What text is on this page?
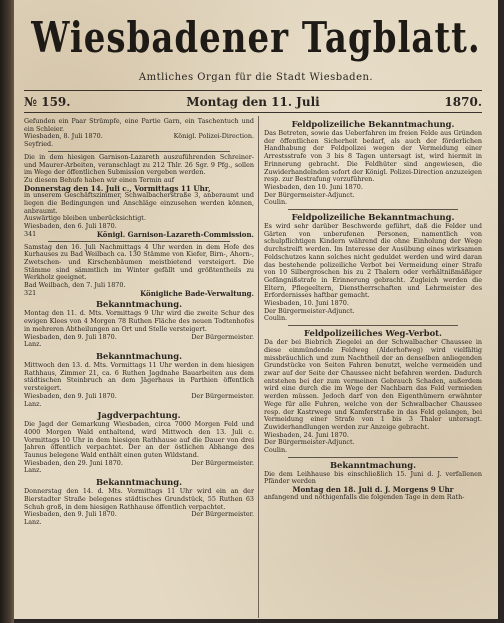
Wiesbadener Tagblatt.
Amtliches Organ für die Stadt Wiesbaden.
№ 159.	Montag den 11. Juli	1870.

Gefunden ein Paar Strümpfe, eine Partie Garn, ein Taschentuch und ein Schleier.

Wiesbaden, 8. Juli 1870.	Königl. Polizei-Direction.

Seyfried.

Die in dem hiesigen Garnison-Lazareth auszuführenden Schreiner- und Maurer-Arbeiten, veranschlagt zu 212 Thlr. 26 Sgr. 9 Pfg., sollen im Wege der öffentlichen Submission vergeben werden.

Zu diesem Behufe haben wir einen Termin auf

Donnerstag den 14. Juli c., Vormittags 11 Uhr,

in unserem Geschäftszimmer, Schwalbacherstraße 3, anberaumt und liegen die Bedingungen und Anschläge einzusehen werden können, anbraumt.

Auswärtige bleiben unberücksichtigt.

Wiesbaden, den 6. Juli 1870.

341	Königl. Garnison-Lazareth-Commission.

Samstag den 16. Juli Nachmittags 4 Uhr werden in dem Hofe des Kurhauses zu Bad Weilbach ca. 130 Stämme von Kiefer, Birn-, Ahorn-, Zwetschen- und Kirschenbäumen meistbietend versteigert. Die Stämme sind sämmtlich im Winter gefällt und größtentheils zu Werkholz geeignet.

Bad Weilbach, den 7. Juli 1870.

321	Königliche Bade-Verwaltung.
Bekanntmachung.

Montag den 11. d. Mts. Vormittags 9 Uhr wird die zweite Schur des ewigen Klees von 4 Morgen 78 Ruthen Fläche des neuen Todtenhofes in mehreren Abtheilungen an Ort und Stelle versteigert.

Wiesbaden, den 9. Juli 1870.	Der Bürgermeister.

Lanz.

Bekanntmachung.

Mittwoch den 13. d. Mts. Vormittags 11 Uhr werden in dem hiesigen Rathhaus, Zimmer 21, ca. 6 Ruthen Jagdnahe Bauarbeiten aus dem städtischen Steinbruch an dem Jägerhaus in Parthien öffentlich versteigert.

Wiesbaden, den 9. Juli 1870.	Der Bürgermeister.

Lanz.

Jagdverpachtung.

Die Jagd der Gemarkung Wiesbaden, circa 7000 Morgen Feld und 4000 Morgen Wald enthaltend, wird Mittwoch den 13. Juli c. Vormittags 10 Uhr in dem hiesigen Rathhause auf die Dauer von drei Jahren öffentlich verpachtet. Der an der östlichen Abhange des Taunus belegene Wald enthält einen guten Wildstand.

Wiesbaden, den 29. Juni 1870.	Der Bürgermeister.

Lanz.

Bekanntmachung.

Donnerstag den 14. d. Mts. Vormittags 11 Uhr wird ein an der Bierstadter Straße belegenes städtisches Grundstück, 55 Ruthen 63 Schuh groß, in dem hiesigen Rathhause öffentlich verpachtet.

Wiesbaden, den 9. Juli 1870.	Der Bürgermeister.

Lanz.

Feldpolizeiliche Bekanntmachung.

Das Betreten, sowie das Ueberfahren im freien Felde aus Gründen der öffentlichen Sicherheit bedarf, als auch der förderlichen Handhabung der Feldpolizei wegen der Vermeidung einer Arrestsstrafe von 3 bis 8 Tagen untersagt ist, wird hiermit in Erinnerung gebracht. Die Feldhüter sind angewiesen, die Zuwiderhandelnden sofort der Königl. Polizei-Direction anzuzeigen resp. zur Bestrafung vorzuführen.

Wiesbaden, den 10. Juni 1870.

Der Bürgermeister-Adjunct.

Coulin.

Feldpolizeiliche Bekanntmachung.

Es wird sehr darüber Beschwerde geführt, daß die Felder und Gärten von unberufenen Personen, namentlich von schulpflichtigen Kindern während die ohne Einholung der Wege durchstreift werden. Im Interesse der Ausübung eines wirksamen Feldschutzes kann solches nicht geduldet werden und wird daran das bestehende polizeiliche Verbot bei Vermeidung einer Strafe von 10 Silbergroschen bis zu 2 Thalern oder verhältnißmäßiger Gefängnißstrafe in Erinnerung gebracht. Zugleich werden die Eltern, Pflegeeltern, Dienstherrschaften und Lehrmeister des Erfordernisses haftbar gemacht.

Wiesbaden, 10. Juni 1870.

Der Bürgermeister-Adjunct.

Coulin.

Feldpolizeiliches Weg-Verbot.

Da der bei Biebrich Ziegelei an der Schwalbacher Chaussee in diese einmündende Feldweg (Alderhofweg) wird vielfältig missbräuchlich und zum Nachtheil der an denselben anliegenden Grundstücke von Seiten Fahren benutzt, welche vermeiden und zwar auf der Seite der Chaussee nicht befahren werden. Dadurch entstehen bei der zum vermeinen Gebrauch Schaden, außerdem wird eine durch die im Wege der Nachbarn das Feld vermieden werden müssen. Jedoch darf von den Eigenthümern erwähnter Wege für alle Fuhren, welche von der Schwalbacher Chaussee resp. der Kastrwege und Kamferstraße in das Feld gelangen, bei Vermeidung einer Strafe von 1 bis 3 Thaler untersagt. Zuwiderhandlungen werden zur Anzeige gebracht.

Wiesbaden, 24. Juni 1870.

Der Bürgermeister-Adjunct.

Coulin.

Bekanntmachung.

Die dem Leihhause bis einschließlich 15. Juni d. J. verfallenen Pfänder werden

Montag den 18. Juli d. J. Morgens 9 Uhr

anfangend und nöthigenfalls die folgenden Tage in dem Rath-
